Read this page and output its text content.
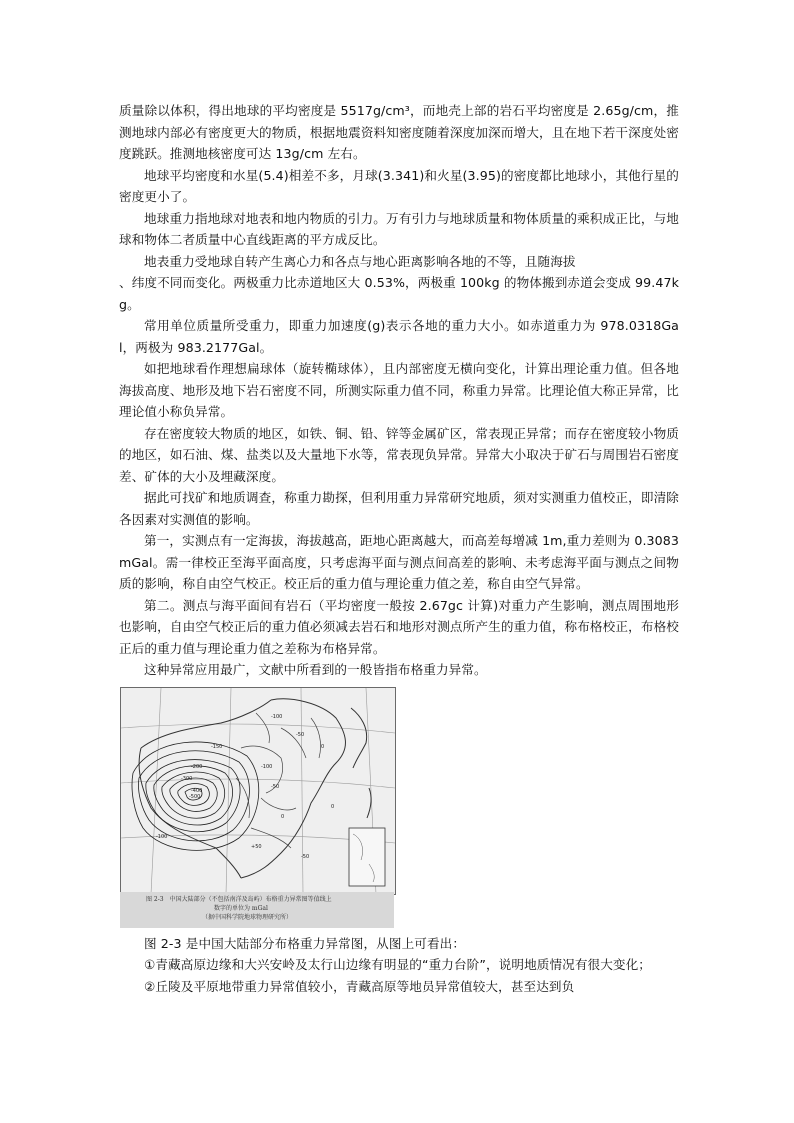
质量除以体积，得出地球的平均密度是 5517g/cm³，而地壳上部的岩石平均密度是 2.65g/cm，推测地球内部必有密度更大的物质，根据地震资料知密度随着深度加深而增大，且在地下若干深度处密度跳跃。推测地核密度可达 13g/cm 左右。

地球平均密度和水星(5.4)相差不多，月球(3.341)和火星(3.95)的密度都比地球小，其他行星的密度更小了。

地球重力指地球对地表和地内物质的引力。万有引力与地球质量和物体质量的乘积成正比，与地球和物体二者质量中心直线距离的平方成反比。

地表重力受地球自转产生离心力和各点与地心距离影响各地的不等，且随海拔

、纬度不同而变化。两极重力比赤道地区大 0.53%，两极重 100kg 的物体搬到赤道会变成 99.47kg。

常用单位质量所受重力，即重力加速度(g)表示各地的重力大小。如赤道重力为 978.0318Gal，两极为 983.2177Gal。

如把地球看作理想扁球体（旋转椭球体），且内部密度无横向变化，计算出理论重力值。但各地海拔高度、地形及地下岩石密度不同，所测实际重力值不同，称重力异常。比理论值大称正异常，比理论值小称负异常。

存在密度较大物质的地区，如铁、铜、铅、锌等金属矿区，常表现正异常；而存在密度较小物质的地区，如石油、煤、盐类以及大量地下水等，常表现负异常。异常大小取决于矿石与周围岩石密度差、矿体的大小及埋藏深度。

据此可找矿和地质调查，称重力勘探，但利用重力异常研究地质，须对实测重力值校正，即清除各因素对实测值的影响。

第一，实测点有一定海拔，海拔越高，距地心距离越大，而高差每增减 1m,重力差则为 0.3083mGal。需一律校正至海平面高度，只考虑海平面与测点间高差的影响、未考虑海平面与测点之间物质的影响，称自由空气校正。校正后的重力值与理论重力值之差，称自由空气异常。

第二。测点与海平面间有岩石（平均密度一般按 2.67gc 计算)对重力产生影响，测点周围地形也影响，自由空气校正后的重力值必须减去岩石和地形对测点所产生的重力值，称布格校正，布格校正后的重力值与理论重力值之差称为布格异常。

这种异常应用最广，文献中所看到的一般皆指布格重力异常。

-100
-50
0
-150
-200
-300
-400
-500
-100
-50
0
+50
0
-100
-50
图 2-3　中国大陆部分（不包括南洋及岛屿）布格重力异常图等值线上
数字的单位为 mGal
（据中国科学院地球物理研究所）

图 2-3 是中国大陆部分布格重力异常图，从图上可看出：

①青藏高原边缘和大兴安岭及太行山边缘有明显的“重力台阶”，说明地质情况有很大变化；

②丘陵及平原地带重力异常值较小，青藏高原等地员异常值较大，甚至达到负
